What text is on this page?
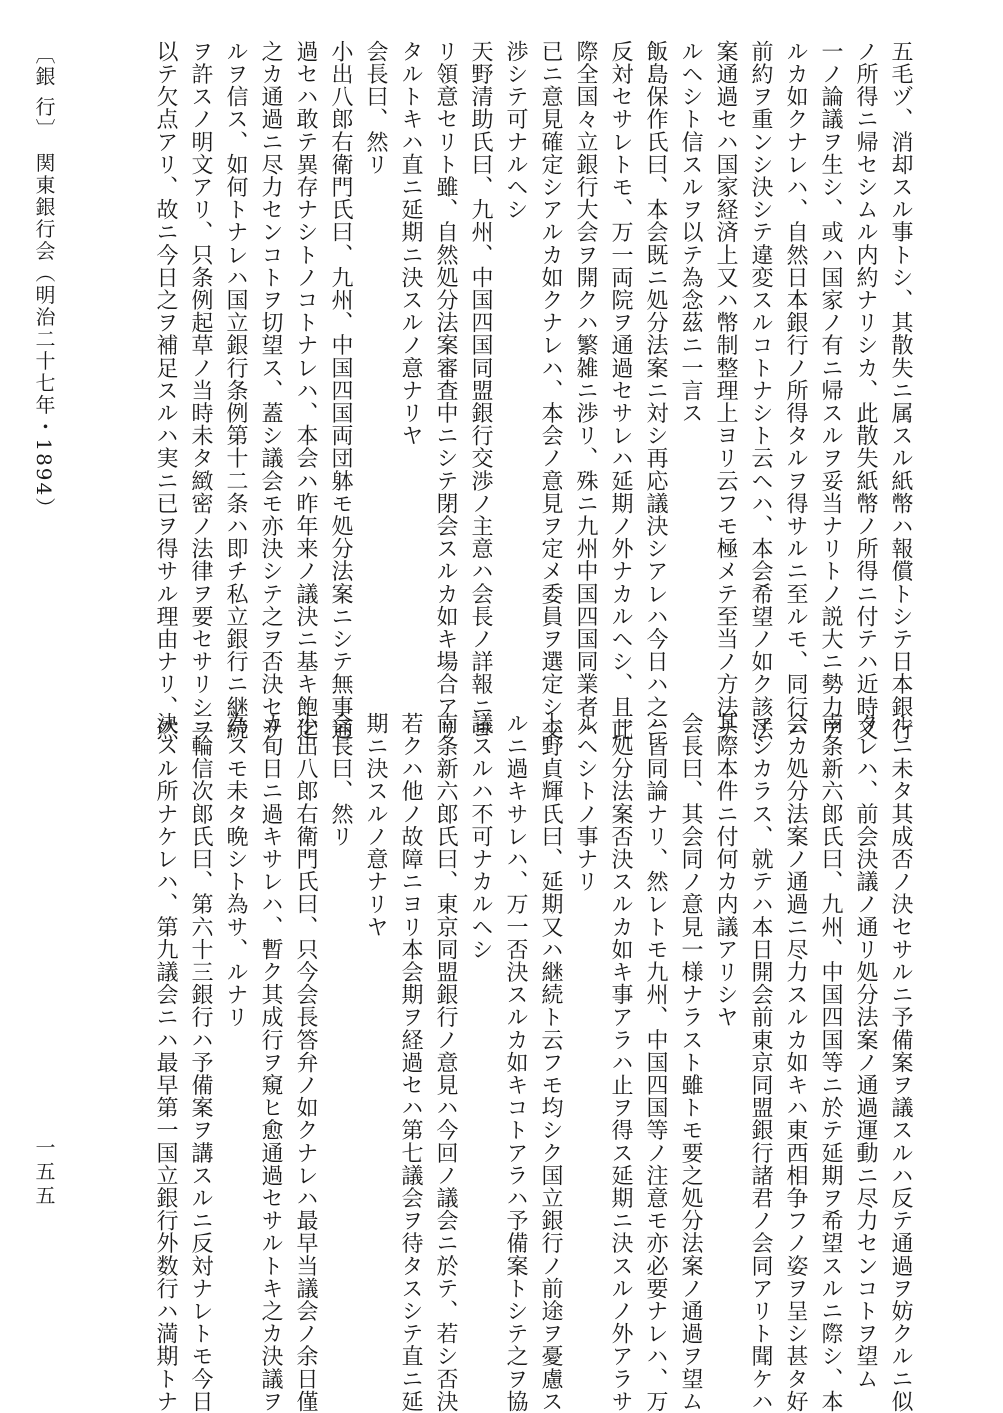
五毛ヅ、消却スル事トシ、其散失ニ属スル紙幣ハ報償トシテ日本銀行

ノ所得ニ帰セシムル内約ナリシカ、此散失紙幣ノ所得ニ付テハ近時又

一ノ論議ヲ生シ、或ハ国家ノ有ニ帰スルヲ妥当ナリトノ説大ニ勢力ア

ルカ如クナレハ、自然日本銀行ノ所得タルヲ得サルニ至ルモ、同行ハ

前約ヲ重ンシ決シテ違変スルコトナシト云ヘハ、本会希望ノ如ク該法

案通過セハ国家経済上又ハ幣制整理上ヨリ云フモ極メテ至当ノ方法ナ

ルヘシト信スルヲ以テ為念茲ニ一言ス

飯島保作氏曰、本会既ニ処分法案ニ対シ再応議決シアレハ今日ハ之ニ

反対セサレトモ、万一両院ヲ通過セサレハ延期ノ外ナカルヘシ、且此

際全国々立銀行大会ヲ開クハ繁雑ニ渉リ、殊ニ九州中国四国同業者ハ

已ニ意見確定シアルカ如クナレハ、本会ノ意見ヲ定メ委員ヲ選定シ交

渉シテ可ナルヘシ

天野清助氏曰、九州、中国四国同盟銀行交渉ノ主意ハ会長ノ詳報ニヨ

リ領意セリト雖、自然処分法案審査中ニシテ閉会スルカ如キ場合アリ

タルトキハ直ニ延期ニ決スルノ意ナリヤ

会長曰、然リ

小出八郎右衛門氏曰、九州、中国四国両団躰モ処分法案ニシテ無事通

過セハ敢テ異存ナシトノコトナレハ、本会ハ昨年来ノ議決ニ基キ飽迄

之カ通過ニ尽力センコトヲ切望ス、蓋シ議会モ亦決シテ之ヲ否決セサ

ルヲ信ス、如何トナレハ国立銀行条例第十二条ハ即チ私立銀行ニ継続

ヲ許スノ明文アリ、只条例起草ノ当時未タ緻密ノ法律ヲ要セサリシヲ

以テ欠点アリ、故ニ今日之ヲ補足スルハ実ニ已ヲ得サル理由ナリ、然

ルニ未タ其成否ノ決セサルニ予備案ヲ議スルハ反テ通過ヲ妨クルニ似

タレハ、前会決議ノ通リ処分法案ノ通過運動ニ尽力センコトヲ望ム

南条新六郎氏曰、九州、中国四国等ニ於テ延期ヲ希望スルニ際シ、本

会カ処分法案ノ通過ニ尽力スルカ如キハ東西相争フノ姿ヲ呈シ甚タ好

マシカラス、就テハ本日開会前東京同盟銀行諸君ノ会同アリト聞ケハ

其際本件ニ付何カ内議アリシヤ

会長曰、其会同ノ意見一様ナラスト雖トモ要之処分法案ノ通過ヲ望ム

ハ皆同論ナリ、然レトモ九州、中国四国等ノ注意モ亦必要ナレハ、万

一処分法案否決スルカ如キ事アラハ止ヲ得ス延期ニ決スルノ外アラサ

ルヘシトノ事ナリ

上野貞輝氏曰、延期又ハ継続ト云フモ均シク国立銀行ノ前途ヲ憂慮ス

ルニ過キサレハ、万一否決スルカ如キコトアラハ予備案トシテ之ヲ協

議スルハ不可ナカルヘシ

南条新六郎氏曰、東京同盟銀行ノ意見ハ今回ノ議会ニ於テ、若シ否決

若クハ他ノ故障ニヨリ本会期ヲ経過セハ第七議会ヲ待タスシテ直ニ延

期ニ決スルノ意ナリヤ

会長曰、然リ

小出八郎右衛門氏曰、只今会長答弁ノ如クナレハ最早当議会ノ余日僅

カ旬日ニ過キサレハ、暫ク其成行ヲ窺ヒ愈通過セサルトキ之カ決議ヲ

為スモ未タ晩シト為サ、ルナリ

三輪信次郎氏曰、第六十三銀行ハ予備案ヲ講スルニ反対ナレトモ今日

決スル所ナケレハ、第九議会ニハ最早第一国立銀行外数行ハ満期トナ

〔銀 行〕　関東銀行会（明治二十七年・1894）
一五五
